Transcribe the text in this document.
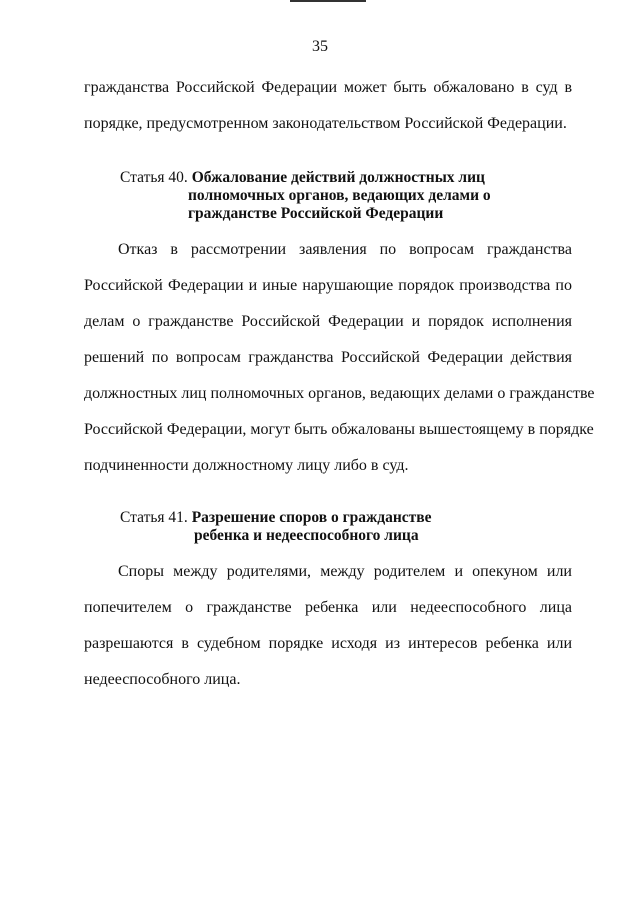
35
гражданства Российской Федерации может быть обжаловано в суд в
порядке, предусмотренном законодательством Российской Федерации.
Статья 40. Обжалование действий должностных лиц
полномочных органов, ведающих делами о
гражданстве Российской Федерации
Отказ в рассмотрении заявления по вопросам гражданства
Российской Федерации и иные нарушающие порядок производства по
делам о гражданстве Российской Федерации и порядок исполнения
решений по вопросам гражданства Российской Федерации действия
должностных лиц полномочных органов, ведающих делами о гражданстве
Российской Федерации, могут быть обжалованы вышестоящему в порядке
подчиненности должностному лицу либо в суд.
Статья 41. Разрешение споров о гражданстве
ребенка и недееспособного лица
Споры между родителями, между родителем и опекуном или
попечителем о гражданстве ребенка или недееспособного лица
разрешаются в судебном порядке исходя из интересов ребенка или
недееспособного лица.
